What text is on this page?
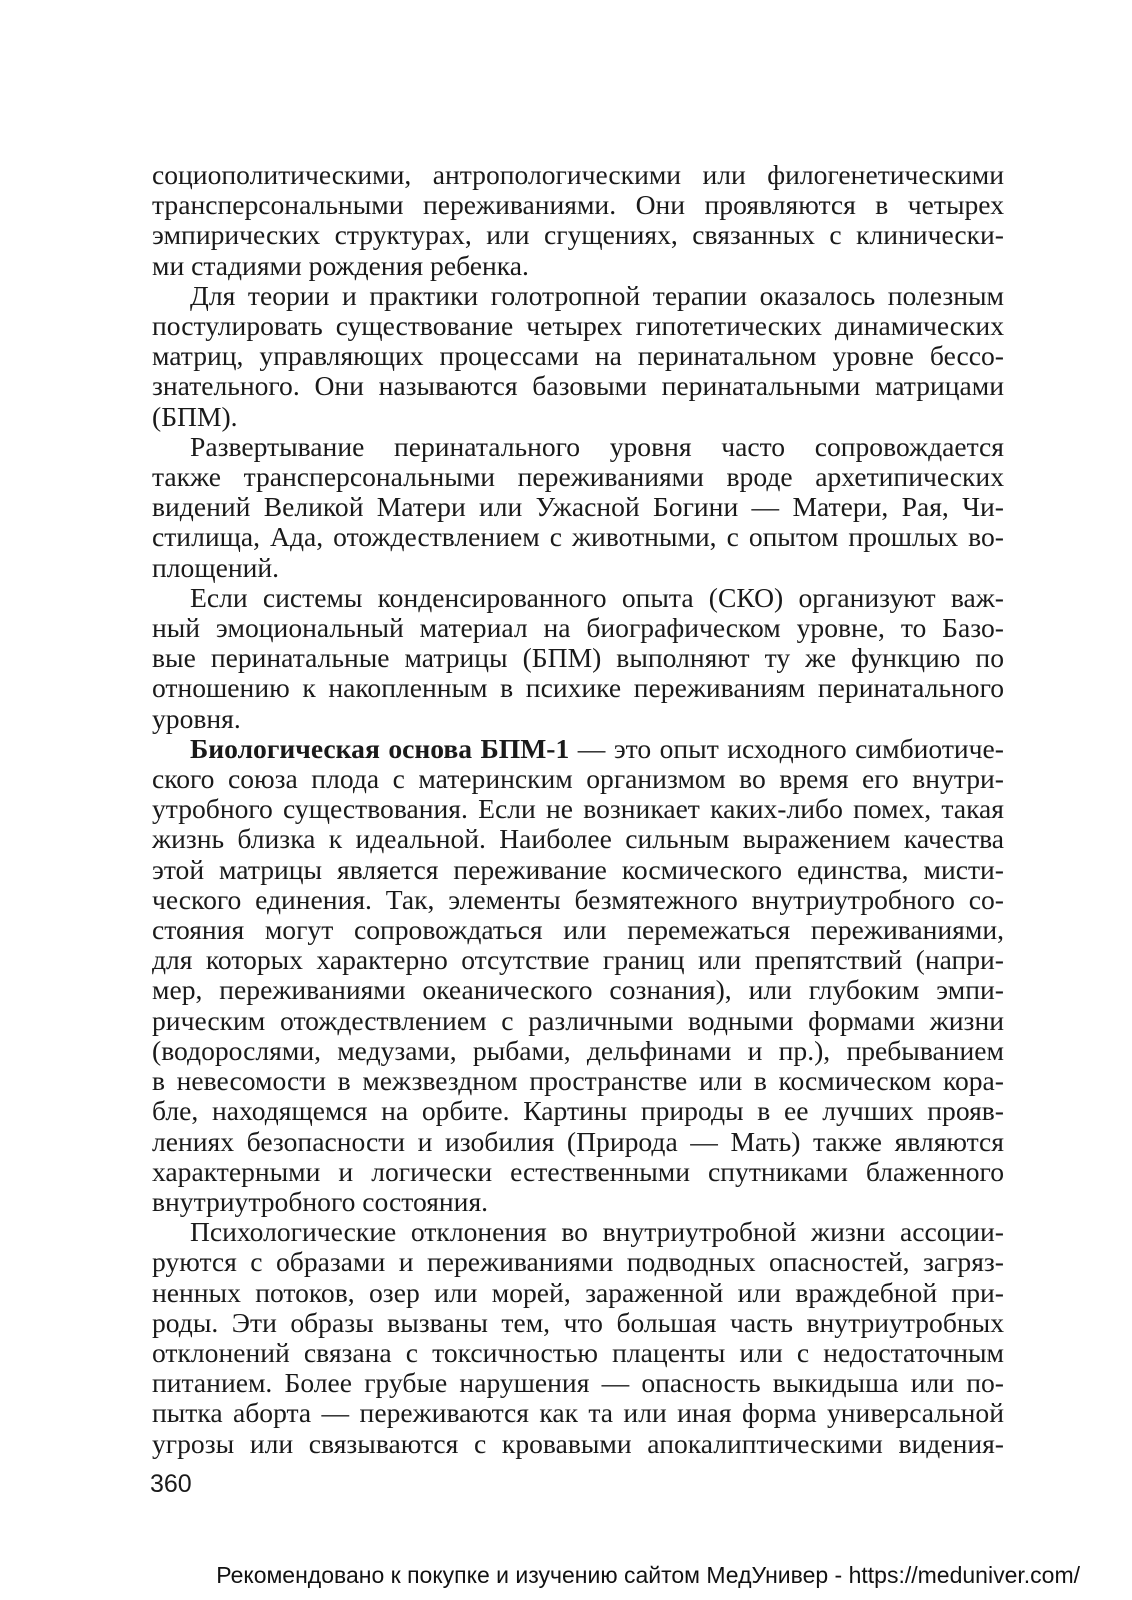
социополитическими, антропологическими или филогенетическими
трансперсональными переживаниями. Они проявляются в четырех
эмпирических структурах, или сгущениях, связанных с клинически-
ми стадиями рождения ребенка.

Для теории и практики голотропной терапии оказалось полезным
постулировать существование четырех гипотетических динамических
матриц, управляющих процессами на перинатальном уровне бессо-
знательного. Они называются базовыми перинатальными матрицами
(БПМ).

Развертывание перинатального уровня часто сопровождается
также трансперсональными переживаниями вроде архетипических
видений Великой Матери или Ужасной Богини — Матери, Рая, Чи-
стилища, Ада, отождествлением с животными, с опытом прошлых во-
площений.

Если системы конденсированного опыта (СКО) организуют важ-
ный эмоциональный материал на биографическом уровне, то Базо-
вые перинатальные матрицы (БПМ) выполняют ту же функцию по
отношению к накопленным в психике переживаниям перинатального
уровня.

Биологическая основа БПМ-1 — это опыт исходного симбиотиче-
ского союза плода с материнским организмом во время его внутри-
утробного существования. Если не возникает каких-либо помех, такая
жизнь близка к идеальной. Наиболее сильным выражением качества
этой матрицы является переживание космического единства, мисти-
ческого единения. Так, элементы безмятежного внутриутробного со-
стояния могут сопровождаться или перемежаться переживаниями,
для которых характерно отсутствие границ или препятствий (напри-
мер, переживаниями океанического сознания), или глубоким эмпи-
рическим отождествлением с различными водными формами жизни
(водорослями, медузами, рыбами, дельфинами и пр.), пребыванием
в невесомости в межзвездном пространстве или в космическом кора-
бле, находящемся на орбите. Картины природы в ее лучших прояв-
лениях безопасности и изобилия (Природа — Мать) также являются
характерными и логически естественными спутниками блаженного
внутриутробного состояния.

Психологические отклонения во внутриутробной жизни ассоции-
руются с образами и переживаниями подводных опасностей, загряз-
ненных потоков, озер или морей, зараженной или враждебной при-
роды. Эти образы вызваны тем, что большая часть внутриутробных
отклонений связана с токсичностью плаценты или с недостаточным
питанием. Более грубые нарушения — опасность выкидыша или по-
пытка аборта — переживаются как та или иная форма универсальной
угрозы или связываются с кровавыми апокалиптическими видения-

360
Рекомендовано к покупке и изучению сайтом МедУнивер - https://meduniver.com/
